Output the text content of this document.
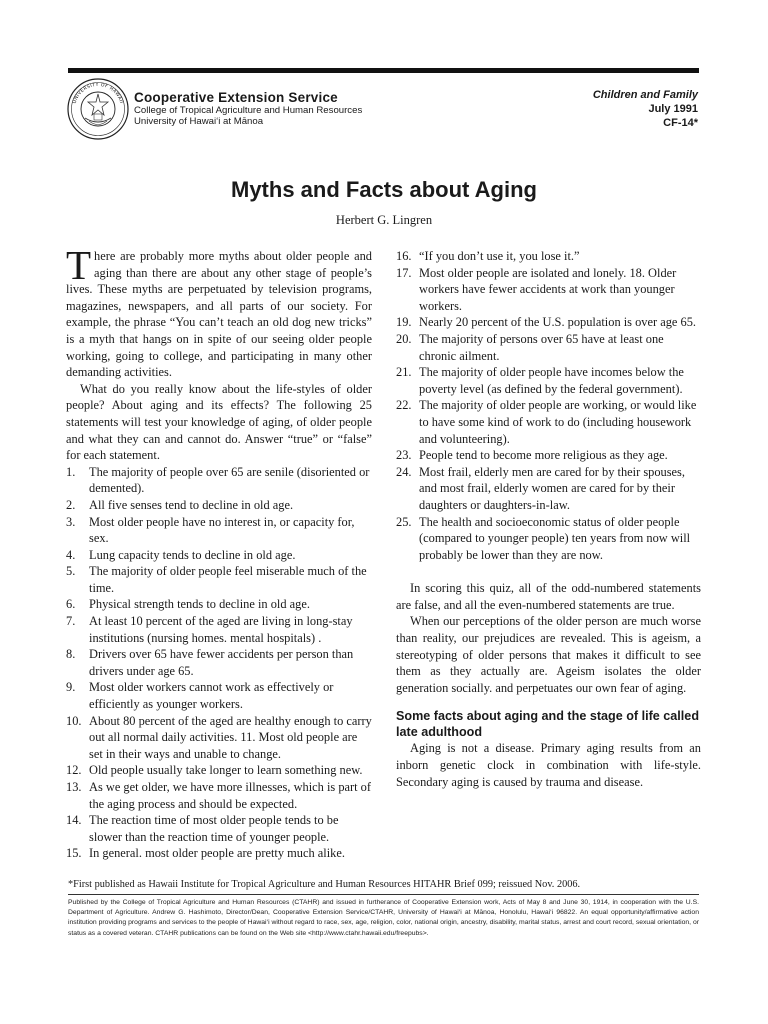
UNIVERSITY OF HAWAII Cooperative Extension Service
College of Tropical Agriculture and Human Resources
University of Hawai‘i at Mānoa
Children and Family
July 1991
CF-14*
Myths and Facts about Aging
Herbert G. Lingren

There are probably more myths about older people and aging than there are about any other stage of people’s lives. These myths are perpetuated by television programs, magazines, newspapers, and all parts of our society. For example, the phrase “You can’t teach an old dog new tricks” is a myth that hangs on in spite of our seeing older people working, going to college, and participating in many other demanding activities.

What do you really know about the life-styles of older people? About aging and its effects? The following 25 statements will test your knowledge of aging, of older people and what they can and cannot do. Answer “true” or “false” for each statement.

1. The majority of people over 65 are senile (disoriented or demented).
2. All five senses tend to decline in old age.
3. Most older people have no interest in, or capacity for, sex.
4. Lung capacity tends to decline in old age.
5. The majority of older people feel miserable much of the time.
6. Physical strength tends to decline in old age.
7. At least 10 percent of the aged are living in long-stay institutions (nursing homes. mental hospitals) .
8. Drivers over 65 have fewer accidents per person than drivers under age 65.
9. Most older workers cannot work as effectively or efficiently as younger workers.
10. About 80 percent of the aged are healthy enough to carry out all normal daily activities. 11. Most old people are set in their ways and unable to change.
12. Old people usually take longer to learn something new.
13. As we get older, we have more illnesses, which is part of the aging process and should be expected.
14. The reaction time of most older people tends to be slower than the reaction time of younger people.
15. In general. most older people are pretty much alike.
16. “If you don’t use it, you lose it.”
17. Most older people are isolated and lonely. 18. Older workers have fewer accidents at work than younger workers.
19. Nearly 20 percent of the U.S. population is over age 65.
20. The majority of persons over 65 have at least one chronic ailment.
21. The majority of older people have incomes below the poverty level (as defined by the federal government).
22. The majority of older people are working, or would like to have some kind of work to do (including housework and volunteering).
23. People tend to become more religious as they age.
24. Most frail, elderly men are cared for by their spouses, and most frail, elderly women are cared for by their daughters or daughters-in-law.
25. The health and socioeconomic status of older people (compared to younger people) ten years from now will probably be lower than they are now.

In scoring this quiz, all of the odd-numbered statements are false, and all the even-numbered statements are true.

When our perceptions of the older person are much worse than reality, our prejudices are revealed. This is ageism, a stereotyping of older persons that makes it difficult to see them as they actually are. Ageism isolates the older generation socially. and perpetuates our own fear of aging.

Some facts about aging and the stage of life called late adulthood

Aging is not a disease. Primary aging results from an inborn genetic clock in combination with life-style. Secondary aging is caused by trauma and disease.

*First published as Hawaii Institute for Tropical Agriculture and Human Resources HITAHR Brief 099; reissued Nov. 2006.
Published by the College of Tropical Agriculture and Human Resources (CTAHR) and issued in furtherance of Cooperative Extension work, Acts of May 8 and June 30, 1914, in cooperation with the U.S. Department of Agriculture. Andrew G. Hashimoto, Director/Dean, Cooperative Extension Service/CTAHR, University of Hawai‘i at Mānoa, Honolulu, Hawai‘i 96822. An equal opportunity/affirmative action institution providing programs and services to the people of Hawai‘i without regard to race, sex, age, religion, color, national origin, ancestry, disability, marital status, arrest and court record, sexual orientation, or status as a covered veteran. CTAHR publications can be found on the Web site <http://www.ctahr.hawaii.edu/freepubs>.
